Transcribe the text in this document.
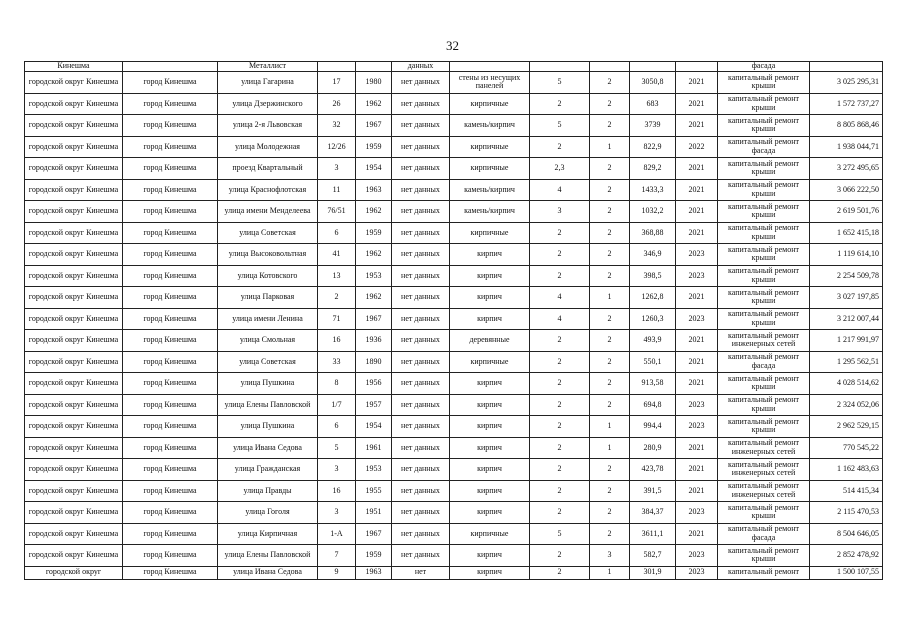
32
Кинешма		Металлист			данных						фасада	
городской округ Кинешма	город Кинешма	улица Гагарина	17	1980	нет данных	стены из несущих панелей	5	2	3050,8	2021	капитальный ремонт крыши	3 025 295,31
городской округ Кинешма	город Кинешма	улица Дзержинского	26	1962	нет данных	кирпичные	2	2	683	2021	капитальный ремонт крыши	1 572 737,27
городской округ Кинешма	город Кинешма	улица 2-я Львовская	32	1967	нет данных	камень/кирпич	5	2	3739	2021	капитальный ремонт крыши	8 805 868,46
городской округ Кинешма	город Кинешма	улица Молодежная	12/26	1959	нет данных	кирпичные	2	1	822,9	2022	капитальный ремонт фасада	1 938 044,71
городской округ Кинешма	город Кинешма	проезд Квартальный	3	1954	нет данных	кирпичные	2,3	2	829,2	2021	капитальный ремонт крыши	3 272 495,65
городской округ Кинешма	город Кинешма	улица Краснофлотская	11	1963	нет данных	камень/кирпич	4	2	1433,3	2021	капитальный ремонт крыши	3 066 222,50
городской округ Кинешма	город Кинешма	улица имени Менделеева	76/51	1962	нет данных	камень/кирпич	3	2	1032,2	2021	капитальный ремонт крыши	2 619 501,76
городской округ Кинешма	город Кинешма	улица Советская	6	1959	нет данных	кирпичные	2	2	368,88	2021	капитальный ремонт крыши	1 652 415,18
городской округ Кинешма	город Кинешма	улица Высоковольтная	41	1962	нет данных	кирпич	2	2	346,9	2023	капитальный ремонт крыши	1 119 614,10
городской округ Кинешма	город Кинешма	улица Котовского	13	1953	нет данных	кирпич	2	2	398,5	2023	капитальный ремонт крыши	2 254 509,78
городской округ Кинешма	город Кинешма	улица Парковая	2	1962	нет данных	кирпич	4	1	1262,8	2021	капитальный ремонт крыши	3 027 197,85
городской округ Кинешма	город Кинешма	улица имени Ленина	71	1967	нет данных	кирпич	4	2	1260,3	2023	капитальный ремонт крыши	3 212 007,44
городской округ Кинешма	город Кинешма	улица Смольная	16	1936	нет данных	деревянные	2	2	493,9	2021	капитальный ремонт инженерных сетей	1 217 991,97
городской округ Кинешма	город Кинешма	улица Советская	33	1890	нет данных	кирпичные	2	2	550,1	2021	капитальный ремонт фасада	1 295 562,51
городской округ Кинешма	город Кинешма	улица Пушкина	8	1956	нет данных	кирпич	2	2	913,58	2021	капитальный ремонт крыши	4 028 514,62
городской округ Кинешма	город Кинешма	улица Елены Павловской	1/7	1957	нет данных	кирпич	2	2	694,8	2023	капитальный ремонт крыши	2 324 052,06
городской округ Кинешма	город Кинешма	улица Пушкина	6	1954	нет данных	кирпич	2	1	994,4	2023	капитальный ремонт крыши	2 962 529,15
городской округ Кинешма	город Кинешма	улица Ивана Седова	5	1961	нет данных	кирпич	2	1	280,9	2021	капитальный ремонт инженерных сетей	770 545,22
городской округ Кинешма	город Кинешма	улица Гражданская	3	1953	нет данных	кирпич	2	2	423,78	2021	капитальный ремонт инженерных сетей	1 162 483,63
городской округ Кинешма	город Кинешма	улица Правды	16	1955	нет данных	кирпич	2	2	391,5	2021	капитальный ремонт инженерных сетей	514 415,34
городской округ Кинешма	город Кинешма	улица Гоголя	3	1951	нет данных	кирпич	2	2	384,37	2023	капитальный ремонт крыши	2 115 470,53
городской округ Кинешма	город Кинешма	улица Кирпичная	1-А	1967	нет данных	кирпичные	5	2	3611,1	2021	капитальный ремонт фасада	8 504 646,05
городской округ Кинешма	город Кинешма	улица Елены Павловской	7	1959	нет данных	кирпич	2	3	582,7	2023	капитальный ремонт крыши	2 852 478,92
городской округ	город Кинешма	улица Ивана Седова	9	1963	нет	кирпич	2	1	301,9	2023	капитальный ремонт	1 500 107,55
